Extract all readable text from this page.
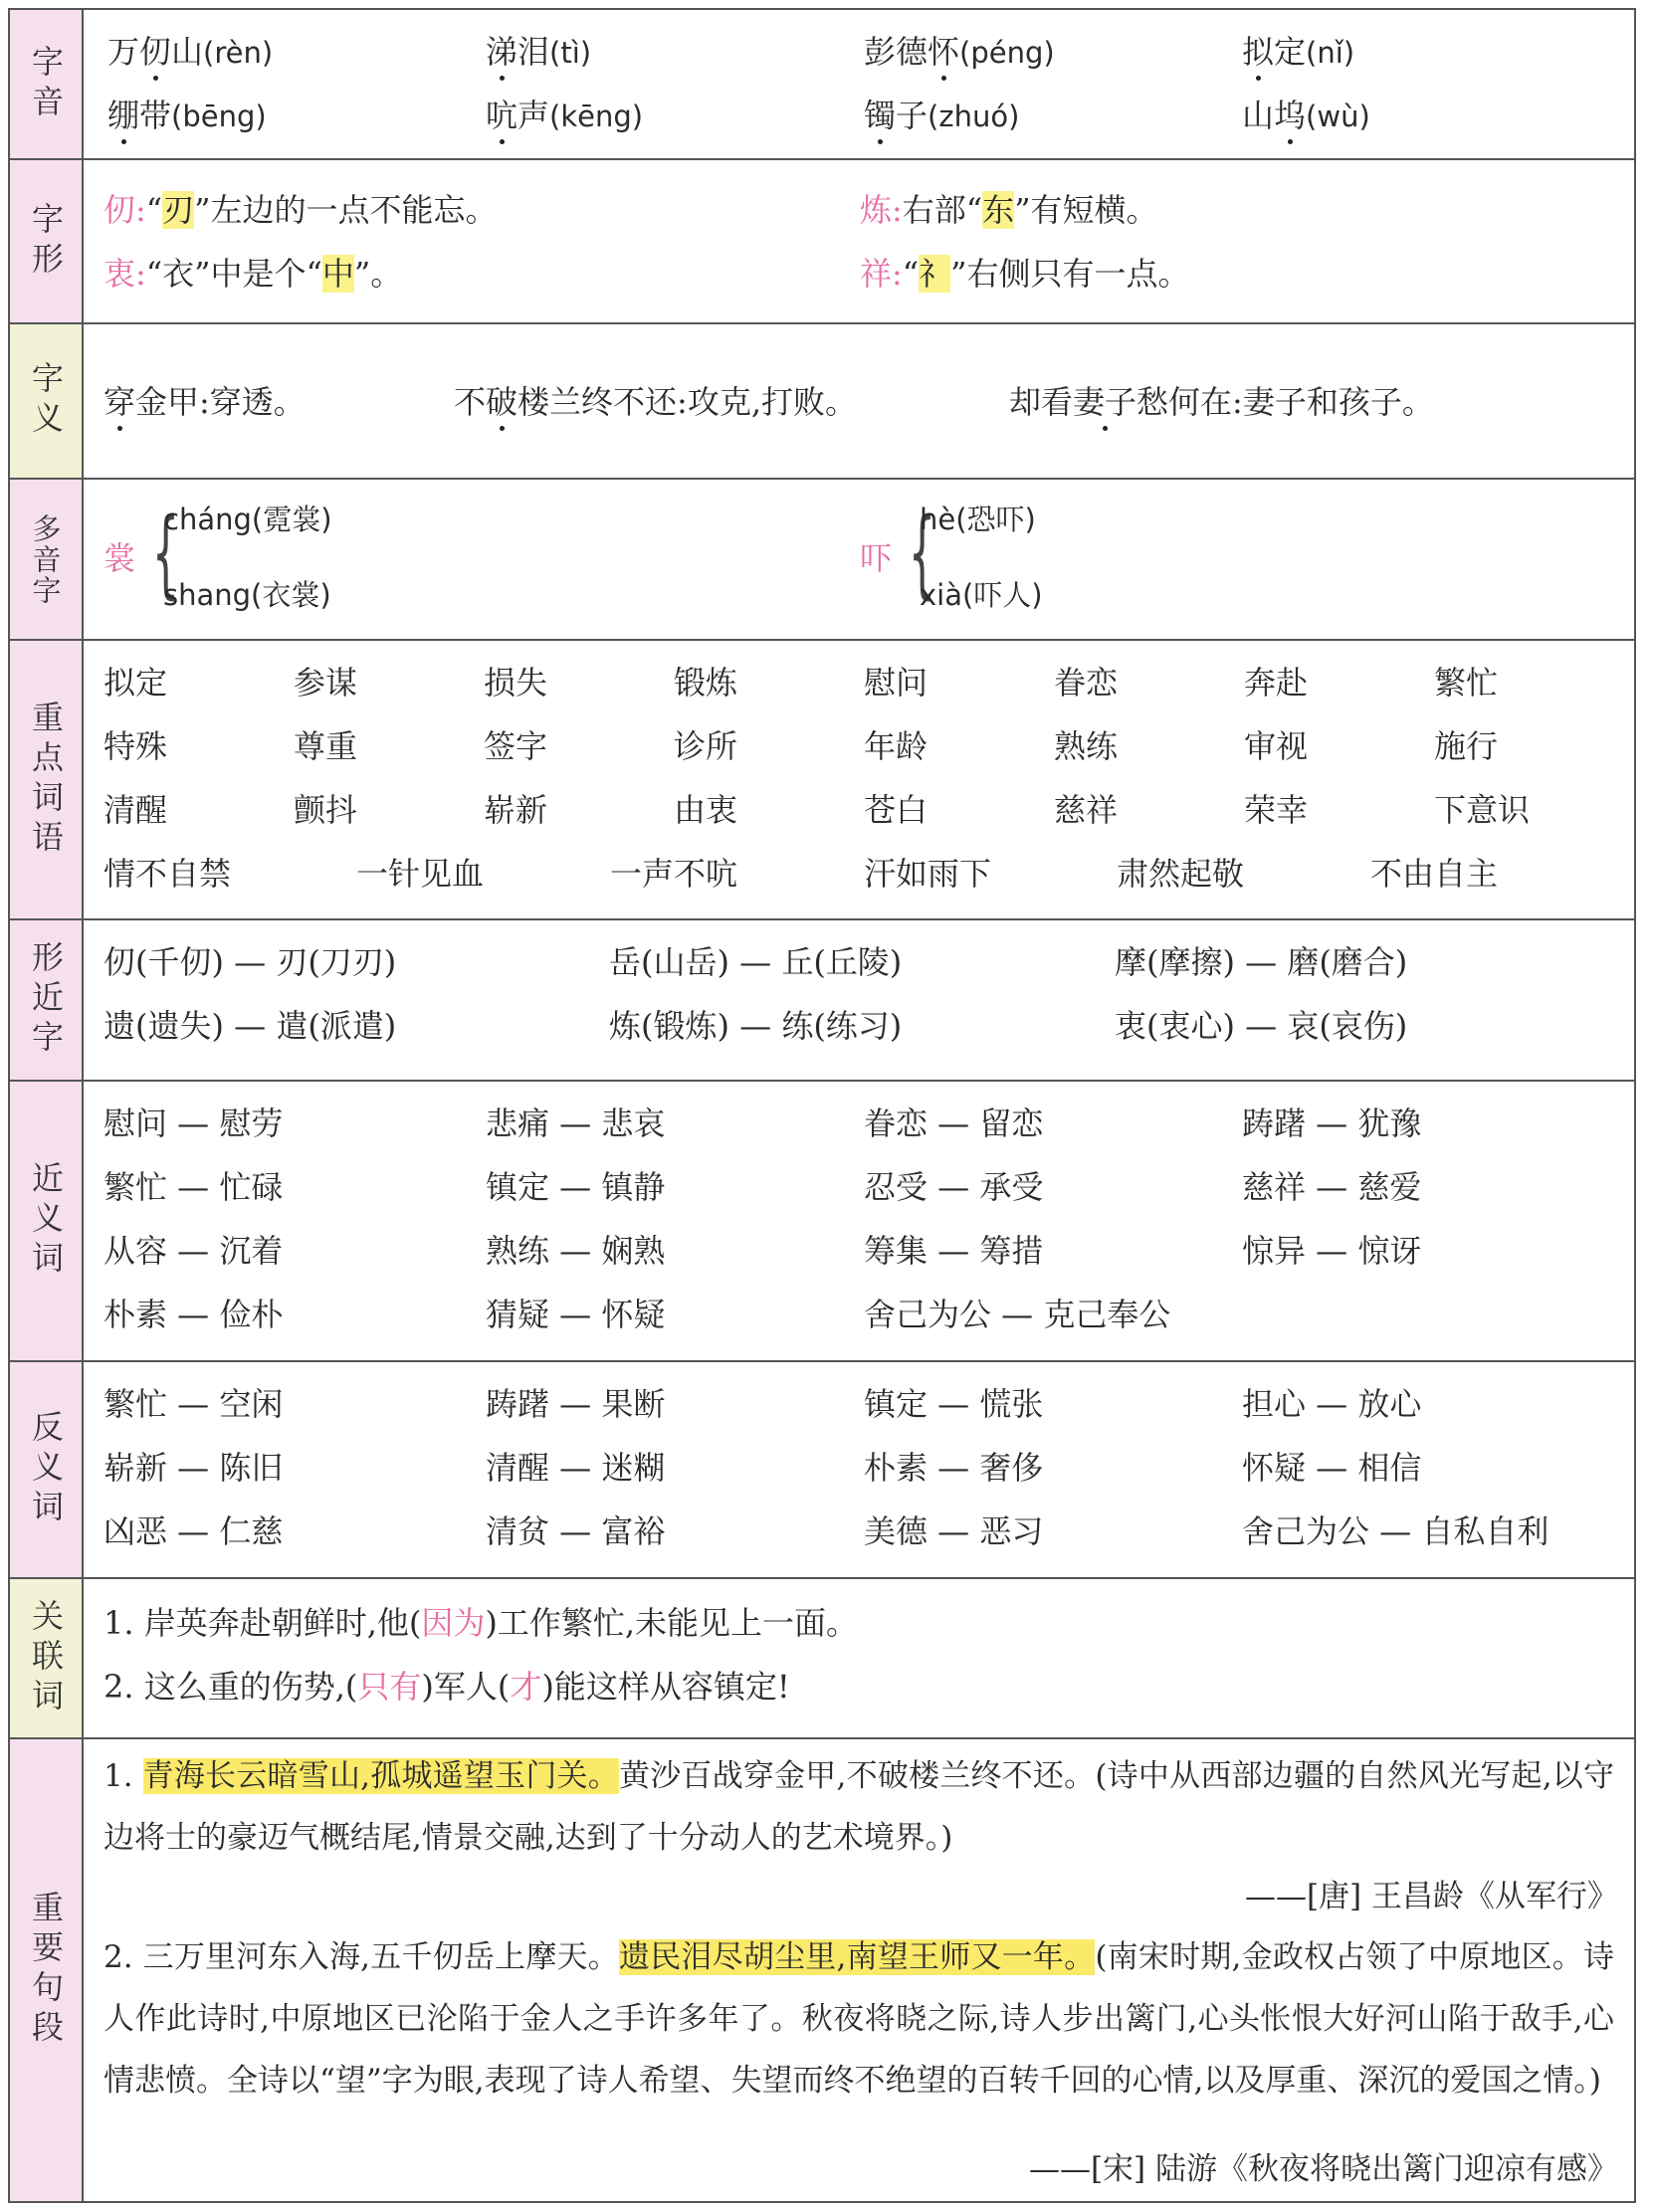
字音 万仞山(rèn)	涕泪(tì)	彭德怀(péng)	拟定(nǐ)
绷带(bēng)	吭声(kēng)	镯子(zhuó)	山坞(wù)
字形 仞:“刃”左边的一点不能忘。	炼:右部“东”有短横。
衷:“衣”中是个“中”。	祥:“礻”右侧只有一点。
字义 穿金甲:穿透。	不破楼兰终不还:攻克,打败。	却看妻子愁何在:妻子和孩子。
多音字 裳 {
cháng(霓裳)
shang(衣裳)
吓 {
hè(恐吓)
xià(吓人)
重点词语
拟定	参谋	损失	锻炼	慰问	眷恋	奔赴	繁忙
特殊	尊重	签字	诊所	年龄	熟练	审视	施行
清醒	颤抖	崭新	由衷	苍白	慈祥	荣幸	下意识
情不自禁	一针见血	一声不吭	汗如雨下	肃然起敬	不由自主
形近字 仞(千仞) — 刃(刀刃)	岳(山岳) — 丘(丘陵)	摩(摩擦) — 磨(磨合)
遗(遗失) — 遣(派遣)	炼(锻炼) — 练(练习)	衷(衷心) — 哀(哀伤)
近义词
慰问 — 慰劳	悲痛 — 悲哀	眷恋 — 留恋	踌躇 — 犹豫
繁忙 — 忙碌	镇定 — 镇静	忍受 — 承受	慈祥 — 慈爱
从容 — 沉着	熟练 — 娴熟	筹集 — 筹措	惊异 — 惊讶
朴素 — 俭朴	猜疑 — 怀疑	舍己为公 — 克己奉公
反义词
繁忙 — 空闲	踌躇 — 果断	镇定 — 慌张	担心 — 放心
崭新 — 陈旧	清醒 — 迷糊	朴素 — 奢侈	怀疑 — 相信
凶恶 — 仁慈	清贫 — 富裕	美德 — 恶习	舍己为公 — 自私自利
关联词 1. 岸英奔赴朝鲜时,他(因为)工作繁忙,未能见上一面。
2. 这么重的伤势,(只有)军人(才)能这样从容镇定!
重要句段
1. 青海长云暗雪山,孤城遥望玉门关。黄沙百战穿金甲,不破楼兰终不还。(诗中从西部边疆的自然风光写起,以守边将士的豪迈气概结尾,情景交融,达到了十分动人的艺术境界。)
——[唐] 王昌龄《从军行》
2. 三万里河东入海,五千仞岳上摩天。遗民泪尽胡尘里,南望王师又一年。(南宋时期,金政权占领了中原地区。诗人作此诗时,中原地区已沦陷于金人之手许多年了。秋夜将晓之际,诗人步出篱门,心头怅恨大好河山陷于敌手,心情悲愤。全诗以“望”字为眼,表现了诗人希望、失望而终不绝望的百转千回的心情,以及厚重、深沉的爱国之情。)
——[宋] 陆游《秋夜将晓出篱门迎凉有感》
